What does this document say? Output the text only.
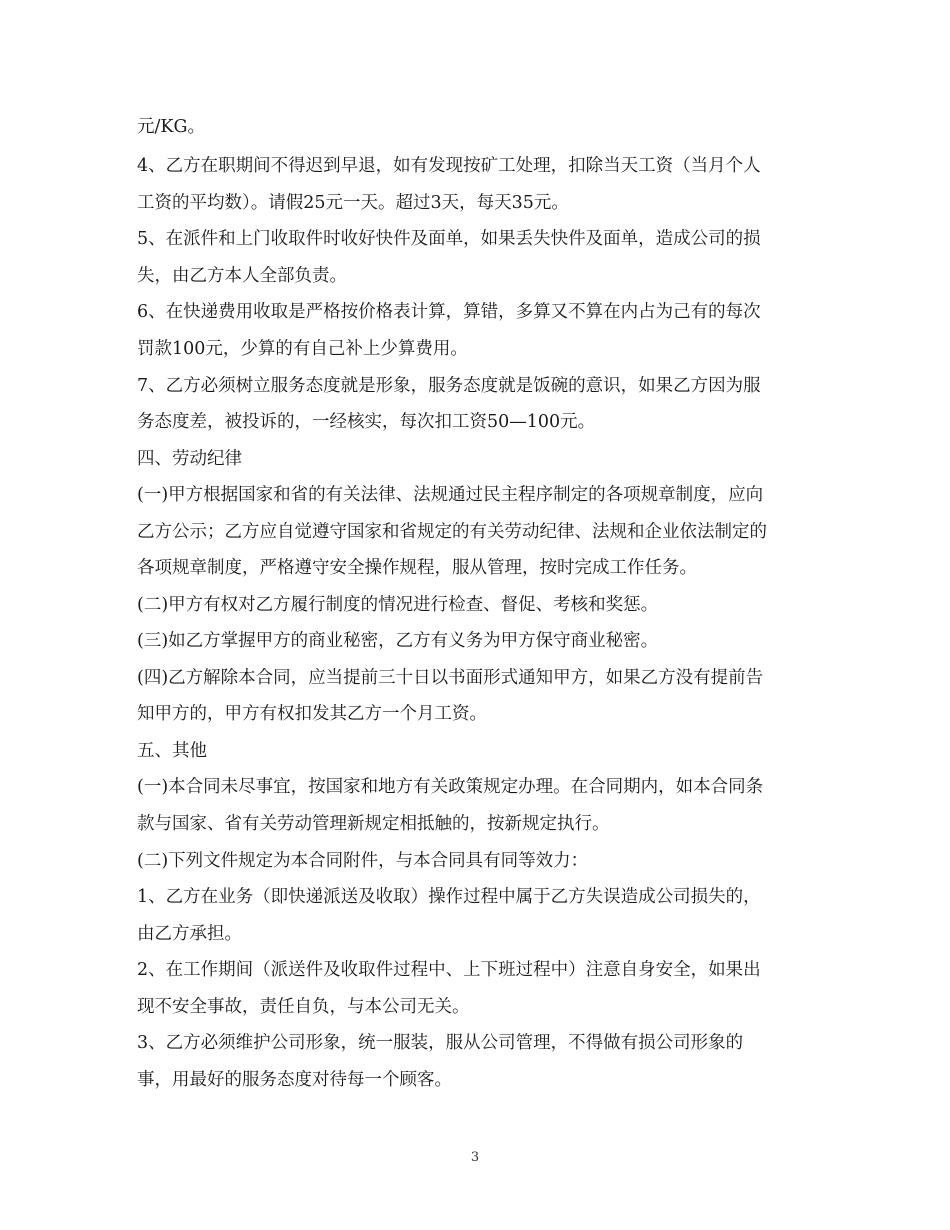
元/KG。
4、乙方在职期间不得迟到早退，如有发现按矿工处理，扣除当天工资（当月个人
工资的平均数）。请假25元一天。超过3天，每天35元。
5、在派件和上门收取件时收好快件及面单，如果丢失快件及面单，造成公司的损
失，由乙方本人全部负责。
6、在快递费用收取是严格按价格表计算，算错，多算又不算在内占为己有的每次
罚款100元，少算的有自己补上少算费用。
7、乙方必须树立服务态度就是形象，服务态度就是饭碗的意识，如果乙方因为服
务态度差，被投诉的，一经核实，每次扣工资50—100元。
四、劳动纪律
(一)甲方根据国家和省的有关法律、法规通过民主程序制定的各项规章制度，应向
乙方公示；乙方应自觉遵守国家和省规定的有关劳动纪律、法规和企业依法制定的
各项规章制度，严格遵守安全操作规程，服从管理，按时完成工作任务。
(二)甲方有权对乙方履行制度的情况进行检查、督促、考核和奖惩。
(三)如乙方掌握甲方的商业秘密，乙方有义务为甲方保守商业秘密。
(四)乙方解除本合同，应当提前三十日以书面形式通知甲方，如果乙方没有提前告
知甲方的，甲方有权扣发其乙方一个月工资。
五、其他
(一)本合同未尽事宜，按国家和地方有关政策规定办理。在合同期内，如本合同条
款与国家、省有关劳动管理新规定相抵触的，按新规定执行。
(二)下列文件规定为本合同附件，与本合同具有同等效力：
1、乙方在业务（即快递派送及收取）操作过程中属于乙方失误造成公司损失的，
由乙方承担。
2、在工作期间（派送件及收取件过程中、上下班过程中）注意自身安全，如果出
现不安全事故，责任自负，与本公司无关。
3、乙方必须维护公司形象，统一服装，服从公司管理，不得做有损公司形象的
事，用最好的服务态度对待每一个顾客。
3
